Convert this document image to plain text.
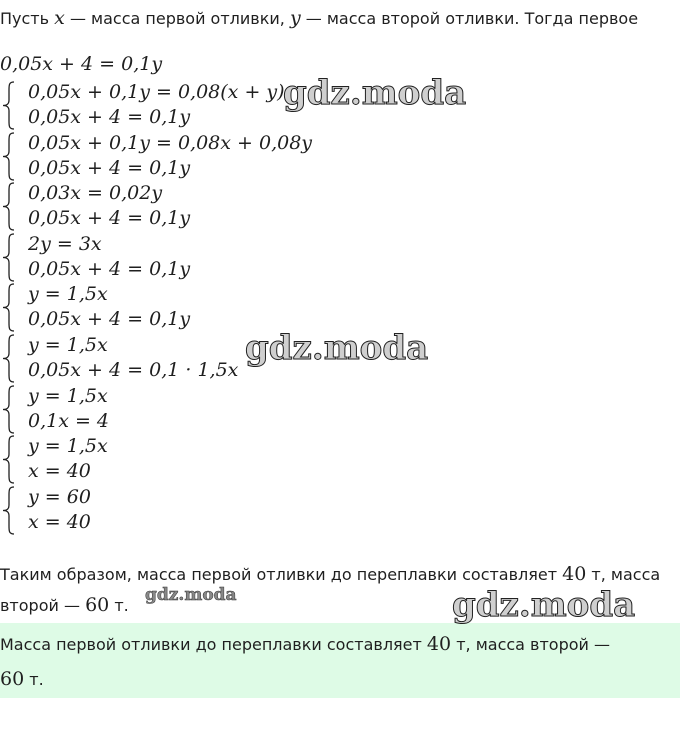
Пусть x — масса первой отливки, y — масса второй отливки. Тогда первое
0,05x + 4 = 0,1y
0,05x + 0,1y = 0,08(x + y)
0,05x + 4 = 0,1y
0,05x + 0,1y = 0,08x + 0,08y
0,05x + 4 = 0,1y
0,03x = 0,02y
0,05x + 4 = 0,1y
2y = 3x
0,05x + 4 = 0,1y
y = 1,5x
0,05x + 4 = 0,1y
y = 1,5x
0,05x + 4 = 0,1 · 1,5x
y = 1,5x
0,1x = 4
y = 1,5x
x = 40
y = 60
x = 40
Таким образом, масса первой отливки до переплавки составляет 40 т, масса
второй — 60 т.
Масса первой отливки до переплавки составляет 40 т, масса второй —
60 т.
gdz.moda
gdz.moda
gdz.moda	gdz.moda
